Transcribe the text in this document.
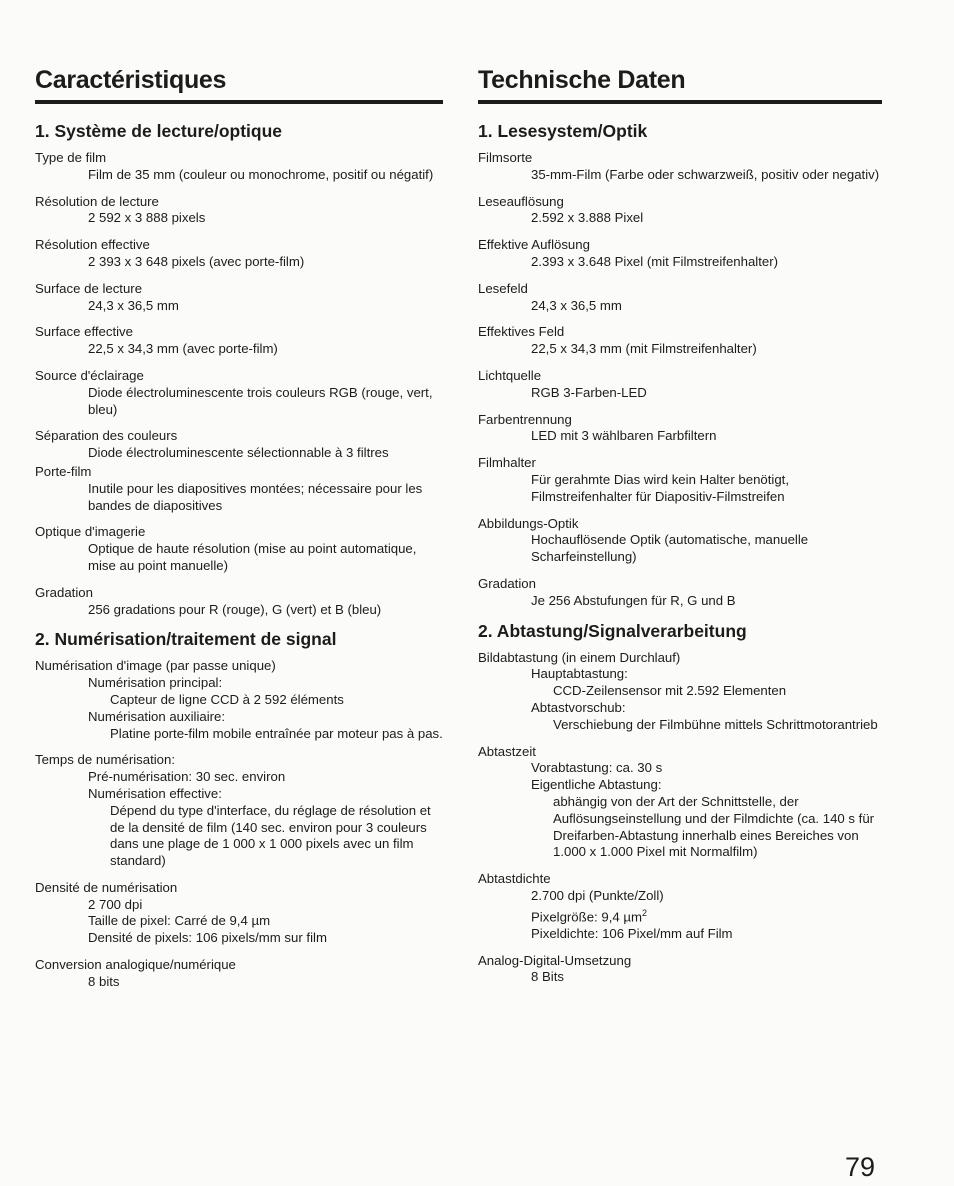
Caractéristiques
1. Système de lecture/optique

Type de film

Film de 35 mm (couleur ou monochrome, positif ou négatif)

Résolution de lecture

2 592 x 3 888 pixels

Résolution effective

2 393 x 3 648 pixels (avec porte-film)

Surface de lecture

24,3 x 36,5 mm

Surface effective

22,5 x 34,3 mm (avec porte-film)

Source d'éclairage

Diode électroluminescente trois couleurs RGB (rouge, vert, bleu)

Séparation des couleurs

Diode électroluminescente sélectionnable à 3 filtres

Porte-film

Inutile pour les diapositives montées; nécessaire pour les bandes de diapositives

Optique d'imagerie

Optique de haute résolution (mise au point automatique, mise au point manuelle)

Gradation

256 gradations pour R (rouge), G (vert) et B (bleu)

2. Numérisation/traitement de signal

Numérisation d'image (par passe unique)

Numérisation principal:

Capteur de ligne CCD à 2 592 éléments

Numérisation auxiliaire:

Platine porte-film mobile entraînée par moteur pas à pas.

Temps de numérisation:

Pré-numérisation: 30 sec. environ

Numérisation effective:

Dépend du type d'interface, du réglage de résolution et de la densité de film (140 sec. environ pour 3 couleurs dans une plage de 1 000 x 1 000 pixels avec un film standard)

Densité de numérisation

2 700 dpi

Taille de pixel: Carré de 9,4 µm

Densité de pixels: 106 pixels/mm sur film

Conversion analogique/numérique

8 bits

Technische Daten
1. Lesesystem/Optik

Filmsorte

35-mm-Film (Farbe oder schwarzweiß, positiv oder negativ)

Leseauflösung

2.592 x 3.888 Pixel

Effektive Auflösung

2.393 x 3.648 Pixel (mit Filmstreifenhalter)

Lesefeld

24,3 x 36,5 mm

Effektives Feld

22,5 x 34,3 mm (mit Filmstreifenhalter)

Lichtquelle

RGB 3-Farben-LED

Farbentrennung

LED mit 3 wählbaren Farbfiltern

Filmhalter

Für gerahmte Dias wird kein Halter benötigt, Filmstreifenhalter für Diapositiv-Filmstreifen

Abbildungs-Optik

Hochauflösende Optik (automatische, manuelle Scharfeinstellung)

Gradation

Je 256 Abstufungen für R, G und B

2. Abtastung/Signalverarbeitung

Bildabtastung (in einem Durchlauf)

Hauptabtastung:

CCD-Zeilensensor mit 2.592 Elementen

Abtastvorschub:

Verschiebung der Filmbühne mittels Schrittmotorantrieb

Abtastzeit

Vorabtastung: ca. 30 s

Eigentliche Abtastung:

abhängig von der Art der Schnittstelle, der Auflösungseinstellung und der Filmdichte (ca. 140 s für Dreifarben-Abtastung innerhalb eines Bereiches von 1.000 x 1.000 Pixel mit Normalfilm)

Abtastdichte

2.700 dpi (Punkte/Zoll)

Pixelgröße: 9,4 µm$^2$

Pixeldichte: 106 Pixel/mm auf Film

Analog-Digital-Umsetzung

8 Bits

79
